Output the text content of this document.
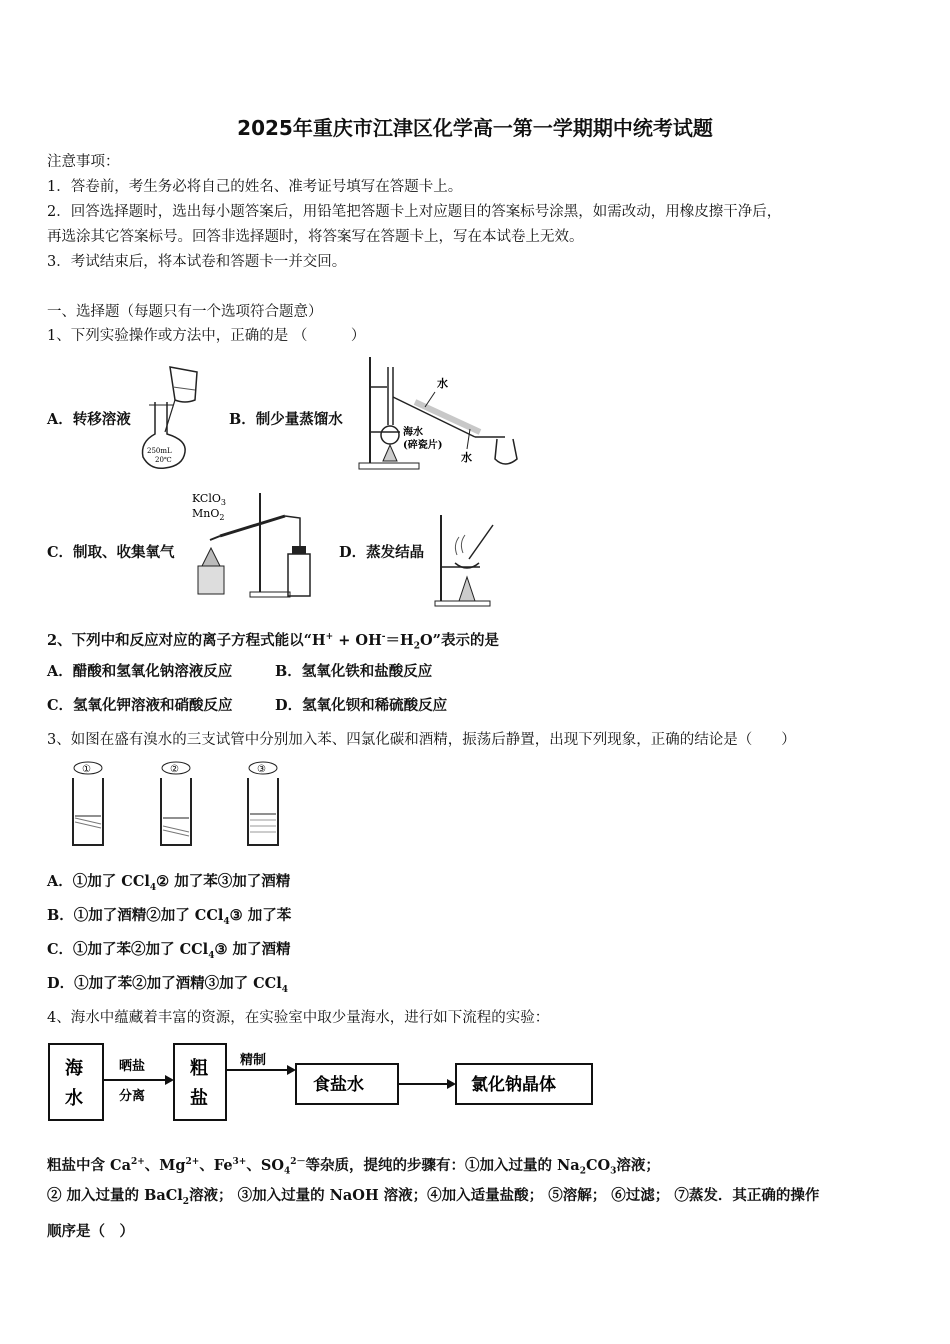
2025年重庆市江津区化学高一第一学期期中统考试题
注意事项：
1．答卷前，考生务必将自己的姓名、准考证号填写在答题卡上。
2．回答选择题时，选出每小题答案后，用铅笔把答题卡上对应题目的答案标号涂黑，如需改动，用橡皮擦干净后，
再选涂其它答案标号。回答非选择题时，将答案写在答题卡上，写在本试卷上无效。
3．考试结束后，将本试卷和答题卡一并交回。
一、选择题（每题只有一个选项符合题意）
1、下列实验操作或方法中，正确的是 （　　　）
A．转移溶液
250mL
20℃
B．制少量蒸馏水
水
海水
(碎瓷片)
水
C．制取、收集氧气
KClO$_3$
MnO$_2$
D．蒸发结晶
2、下列中和反应对应的离子方程式能以“$H^+ + OH^-=H_2O$”表示的是
A．醋酸和氢氧化钠溶液反应	B．氢氧化铁和盐酸反应
C．氢氧化钾溶液和硝酸反应	D．氢氧化钡和稀硫酸反应
3、如图在盛有溴水的三支试管中分别加入苯、四氯化碳和酒精，振荡后静置，出现下列现象，正确的结论是（　　）
①	②	③
A．①加了 CCl$_4$② 加了苯③加了酒精
B．①加了酒精②加了 CCl$_4$③ 加了苯
C．①加了苯②加了 CCl$_4$③ 加了酒精
D．①加了苯②加了酒精③加了 CCl$_4$
4、海水中蕴藏着丰富的资源，在实验室中取少量海水，进行如下流程的实验：
海
水
晒盐
分离
粗
盐
精制
食盐水	氯化钠晶体
粗盐中含 $Ca^{2+}$、$Mg^{2+}$、$Fe^{3+}$、$SO_4^{2-}$等杂质，提纯的步骤有：①加入过量的 $Na_2CO_3$溶液；
② 加入过量的 BaCl$_2$溶液； ③加入过量的 NaOH 溶液；④加入适量盐酸； ⑤溶解； ⑥过滤； ⑦蒸发．其正确的操作
顺序是（　）
